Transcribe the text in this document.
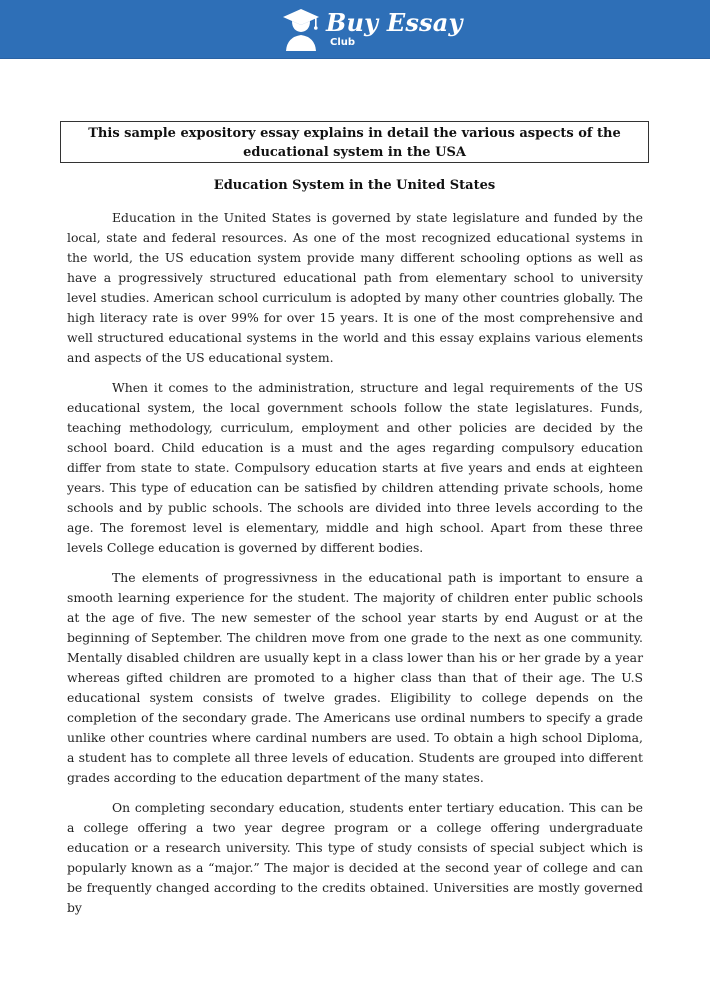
Buy Essay
Club
This sample expository essay explains in detail the various aspects of the educational system in the USA
Education System in the United States

Education in the United States is governed by state legislature and funded by the local, state and federal resources. As one of the most recognized educational systems in the world, the US education system provide many different schooling options as well as have a progressively structured educational path from elementary school to university level studies. American school curriculum is adopted by many other countries globally. The high literacy rate is over 99% for over 15 years. It is one of the most comprehensive and well structured educational systems in the world and this essay explains various elements and aspects of the US educational system.

When it comes to the administration, structure and legal requirements of the US educational system, the local government schools follow the state legislatures. Funds, teaching methodology, curriculum, employment and other policies are decided by the school board. Child education is a must and the ages regarding compulsory education differ from state to state. Compulsory education starts at five years and ends at eighteen years. This type of education can be satisfied by children attending private schools, home schools and by public schools. The schools are divided into three levels according to the age. The foremost level is elementary, middle and high school. Apart from these three levels College education is governed by different bodies.

The elements of progressivness in the educational path is important to ensure a smooth learning experience for the student. The majority of children enter public schools at the age of five. The new semester of the school year starts by end August or at the beginning of September. The children move from one grade to the next as one community. Mentally disabled children are usually kept in a class lower than his or her grade by a year whereas gifted children are promoted to a higher class than that of their age. The U.S educational system consists of twelve grades. Eligibility to college depends on the completion of the secondary grade. The Americans use ordinal numbers to specify a grade unlike other countries where cardinal numbers are used. To obtain a high school Diploma, a student has to complete all three levels of education. Students are grouped into different grades according to the education department of the many states.

On completing secondary education, students enter tertiary education. This can be a college offering a two year degree program or a college offering undergraduate education or a research university. This type of study consists of special subject which is popularly known as a “major.” The major is decided at the second year of college and can be frequently changed according to the credits obtained. Universities are mostly governed by
